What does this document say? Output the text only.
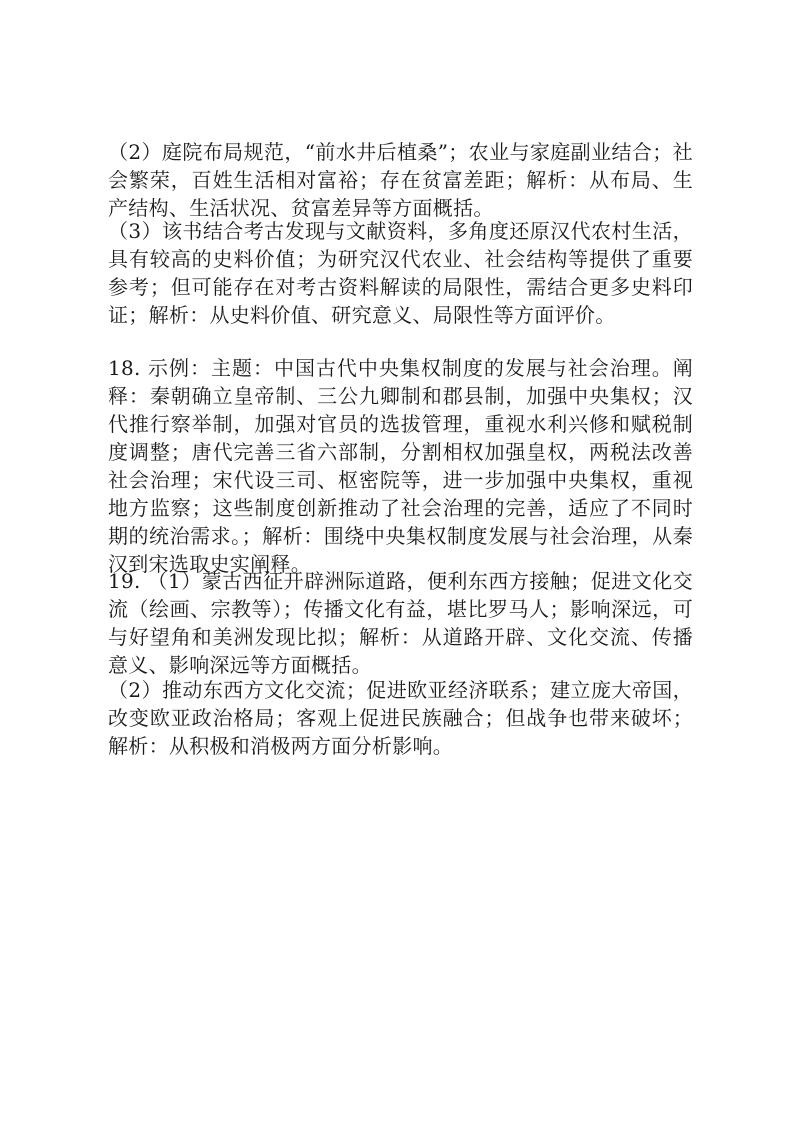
（2）庭院布局规范，“前水井后植桑”；农业与家庭副业结合；社会繁荣，百姓生活相对富裕；存在贫富差距；解析：从布局、生产结构、生活状况、贫富差异等方面概括。

（3）该书结合考古发现与文献资料，多角度还原汉代农村生活，具有较高的史料价值；为研究汉代农业、社会结构等提供了重要参考；但可能存在对考古资料解读的局限性，需结合更多史料印证；解析：从史料价值、研究意义、局限性等方面评价。

18. 示例：主题：中国古代中央集权制度的发展与社会治理。阐释：秦朝确立皇帝制、三公九卿制和郡县制，加强中央集权；汉代推行察举制，加强对官员的选拔管理，重视水利兴修和赋税制度调整；唐代完善三省六部制，分割相权加强皇权，两税法改善社会治理；宋代设三司、枢密院等，进一步加强中央集权，重视地方监察；这些制度创新推动了社会治理的完善，适应了不同时期的统治需求。；解析：围绕中央集权制度发展与社会治理，从秦汉到宋选取史实阐释。

19. （1）蒙古西征开辟洲际道路，便利东西方接触；促进文化交流（绘画、宗教等）；传播文化有益，堪比罗马人；影响深远，可与好望角和美洲发现比拟；解析：从道路开辟、文化交流、传播意义、影响深远等方面概括。

（2）推动东西方文化交流；促进欧亚经济联系；建立庞大帝国，改变欧亚政治格局；客观上促进民族融合；但战争也带来破坏；解析：从积极和消极两方面分析影响。
